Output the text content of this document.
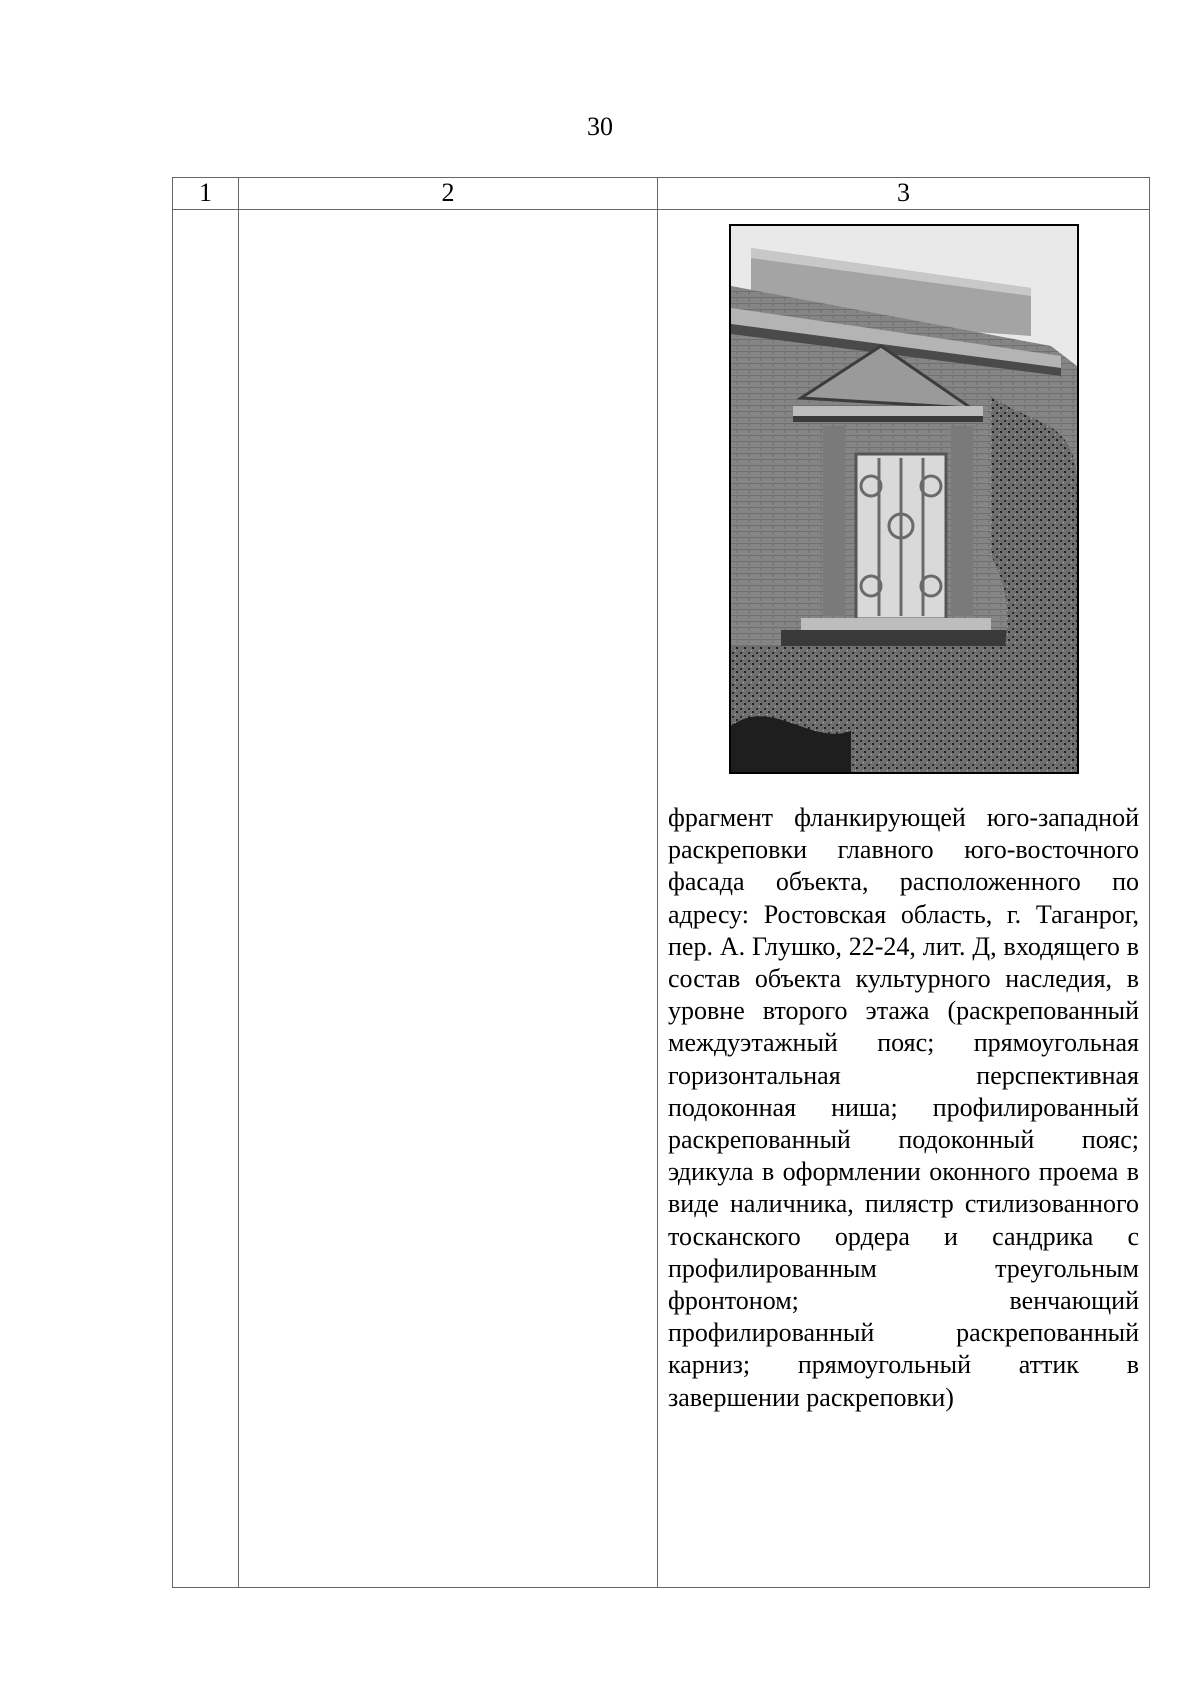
30
1	2	3

		фрагмент фланкирующей юго-западной раскреповки главного юго-восточного фасада объекта, расположенного по адресу: Ростовская область, г. Таганрог, пер. А. Глушко, 22-24, лит. Д, входящего в состав объекта культурного наследия, в уровне второго этажа (раскрепованный междуэтажный пояс; прямоугольная горизонтальная перспективная подоконная ниша; профилированный раскрепованный подоконный пояс; эдикула в оформлении оконного проема в виде наличника, пилястр стилизованного тосканского ордера и сандрика с профилированным треугольным фронтоном; венчающий профилированный раскрепованный карниз; прямоугольный аттик в завершении раскреповки)
